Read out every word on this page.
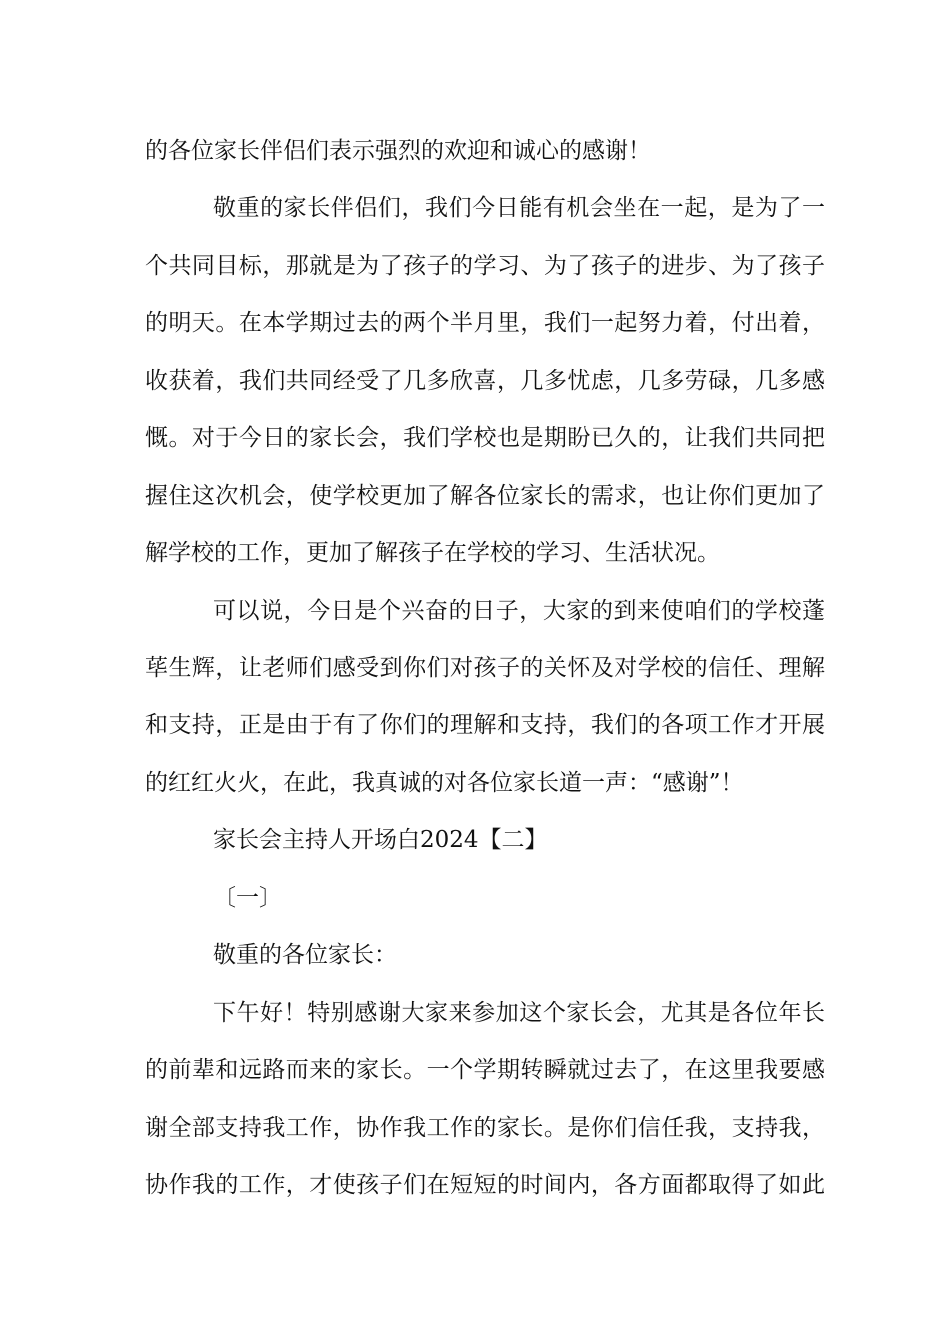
的各位家长伴侣们表示强烈的欢迎和诚心的感谢！
敬重的家长伴侣们，我们今日能有机会坐在一起，是为了一
个共同目标，那就是为了孩子的学习、为了孩子的进步、为了孩子
的明天。在本学期过去的两个半月里，我们一起努力着，付出着，
收获着，我们共同经受了几多欣喜，几多忧虑，几多劳碌，几多感
慨。对于今日的家长会，我们学校也是期盼已久的，让我们共同把
握住这次机会，使学校更加了解各位家长的需求，也让你们更加了
解学校的工作，更加了解孩子在学校的学习、生活状况。
可以说，今日是个兴奋的日子，大家的到来使咱们的学校蓬
荜生辉，让老师们感受到你们对孩子的关怀及对学校的信任、理解
和支持，正是由于有了你们的理解和支持，我们的各项工作才开展
的红红火火，在此，我真诚的对各位家长道一声：“感谢”！
家长会主持人开场白2024【二】
〔一〕
敬重的各位家长：
下午好！特别感谢大家来参加这个家长会，尤其是各位年长
的前辈和远路而来的家长。一个学期转瞬就过去了，在这里我要感
谢全部支持我工作，协作我工作的家长。是你们信任我，支持我，
协作我的工作，才使孩子们在短短的时间内，各方面都取得了如此
